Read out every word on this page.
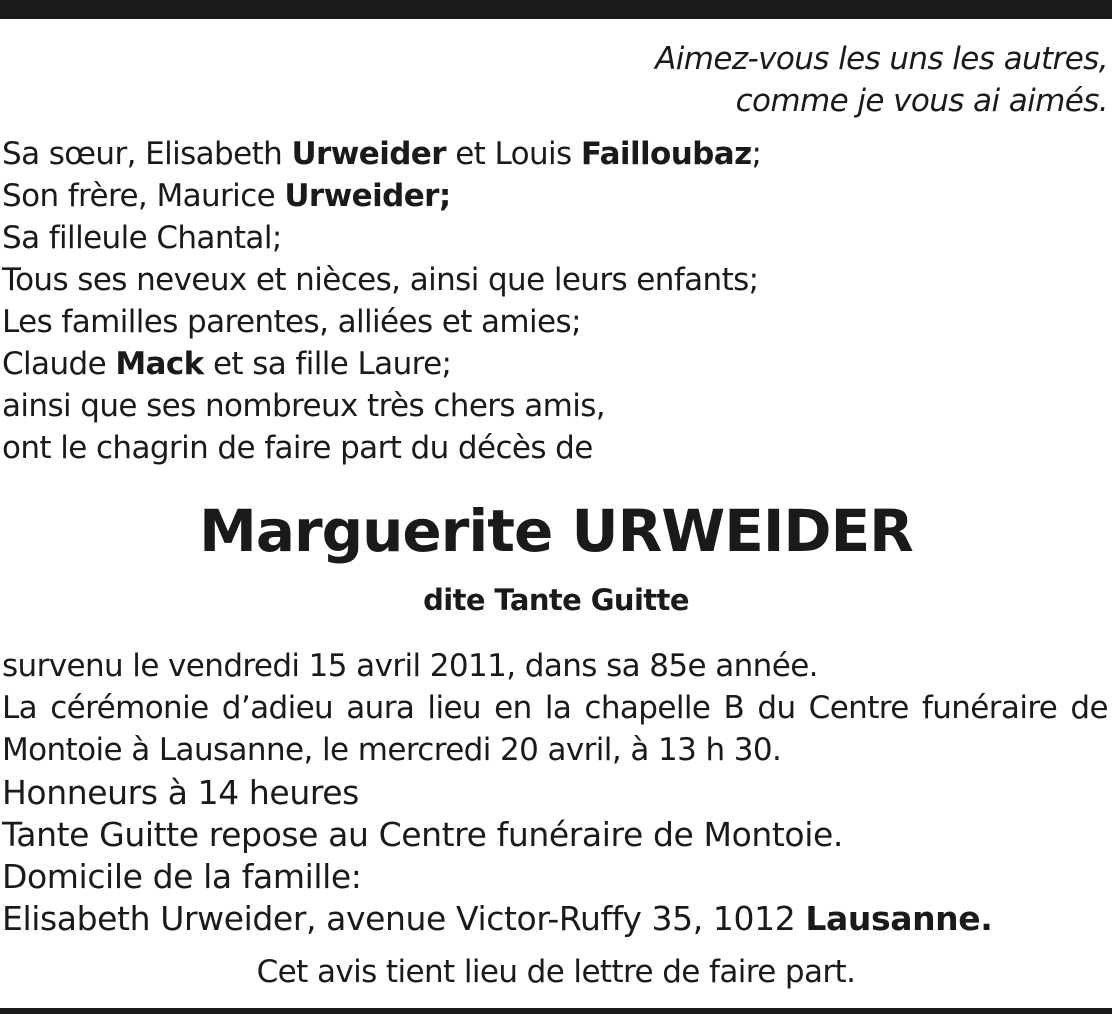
Aimez-vous les uns les autres,
comme je vous ai aimés.
Sa sœur, Elisabeth Urweider et Louis Failloubaz;
Son frère, Maurice Urweider;
Sa filleule Chantal;
Tous ses neveux et nièces, ainsi que leurs enfants;
Les familles parentes, alliées et amies;
Claude Mack et sa fille Laure;
ainsi que ses nombreux très chers amis,
ont le chagrin de faire part du décès de
Marguerite URWEIDER
dite Tante Guitte
survenu le vendredi 15 avril 2011, dans sa 85e année.
La cérémonie d’adieu aura lieu en la chapelle B du Centre funéraire de
Montoie à Lausanne, le mercredi 20 avril, à 13 h 30.
Honneurs à 14 heures
Tante Guitte repose au Centre funéraire de Montoie.
Domicile de la famille:
Elisabeth Urweider, avenue Victor-Ruffy 35, 1012 Lausanne.
Cet avis tient lieu de lettre de faire part.
